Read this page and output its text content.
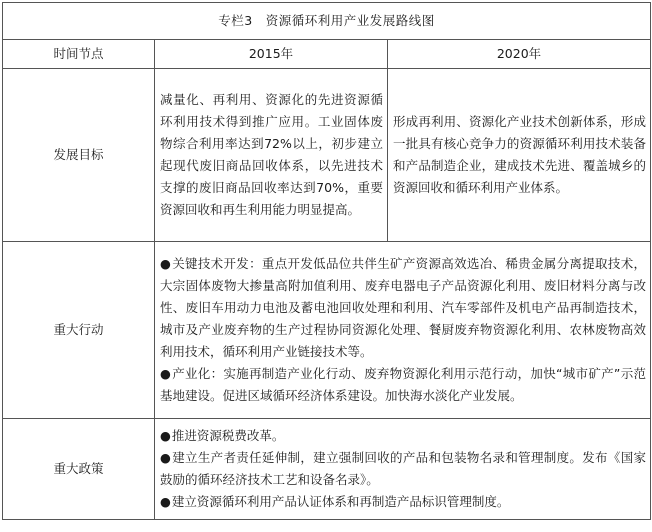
专栏3　资源循环利用产业发展路线图		
时间节点	2015年	2020年
发展目标	减量化、再利用、资源化的先进资源循环利用技术得到推广应用。工业固体废物综合利用率达到72%以上，初步建立起现代废旧商品回收体系，以先进技术支撑的废旧商品回收率达到70%，重要资源回收和再生利用能力明显提高。	形成再利用、资源化产业技术创新体系，形成一批具有核心竞争力的资源循环利用技术装备和产品制造企业，建成技术先进、覆盖城乡的资源回收和循环利用产业体系。
重大行动	●关键技术开发：重点开发低品位共伴生矿产资源高效选冶、稀贵金属分离提取技术，大宗固体废物大掺量高附加值利用、废弃电器电子产品资源化利用、废旧材料分离与改性、废旧车用动力电池及蓄电池回收处理和利用、汽车零部件及机电产品再制造技术，城市及产业废弃物的生产过程协同资源化处理、餐厨废弃物资源化利用、农林废物高效利用技术，循环利用产业链接技术等。

●产业化：实施再制造产业化行动、废弃物资源化利用示范行动，加快“城市矿产”示范基地建设。促进区域循环经济体系建设。加快海水淡化产业发展。	

重大政策	●推进资源税费改革。

●建立生产者责任延伸制，建立强制回收的产品和包装物名录和管理制度。发布《国家鼓励的循环经济技术工艺和设备名录》。

●建立资源循环利用产品认证体系和再制造产品标识管理制度。	
